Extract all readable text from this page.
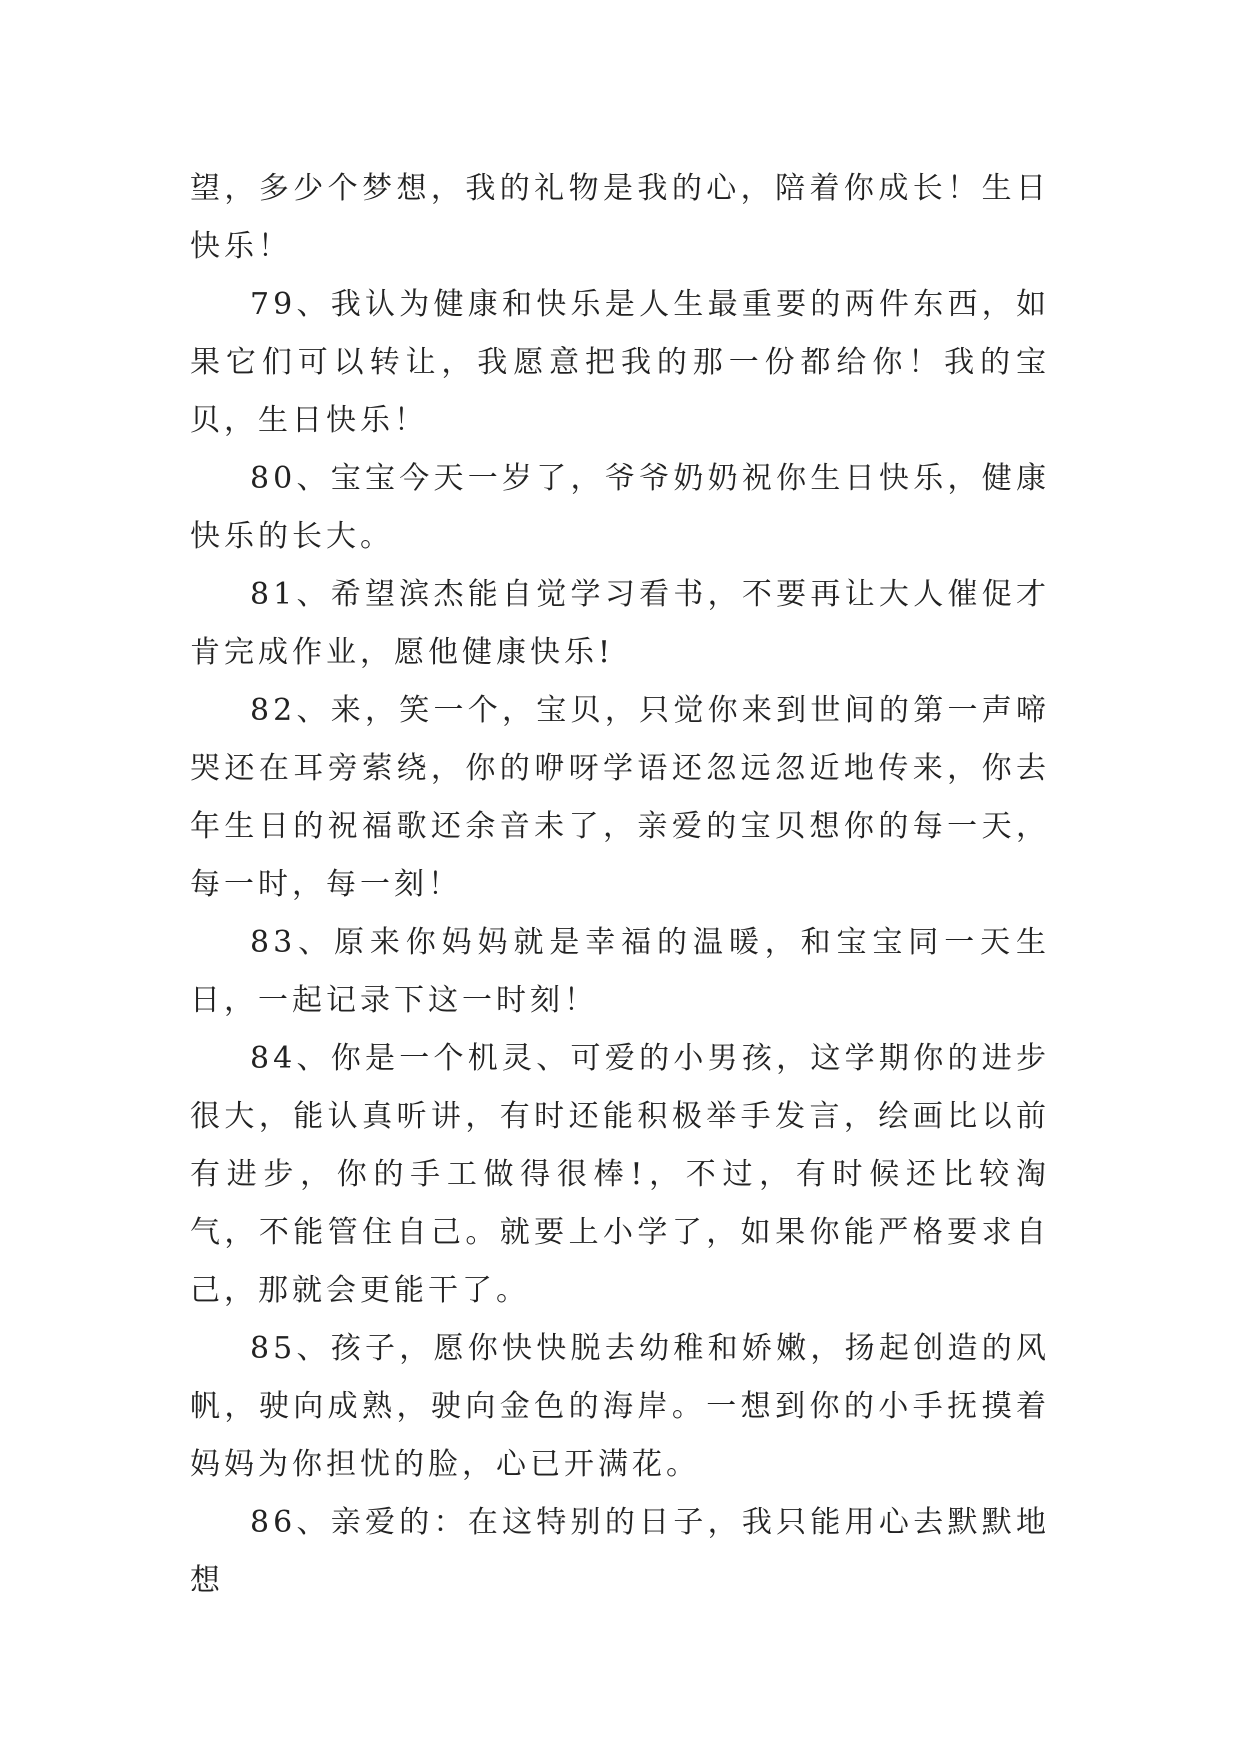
望，多少个梦想，我的礼物是我的心，陪着你成长！生日快乐！

79、我认为健康和快乐是人生最重要的两件东西，如果它们可以转让，我愿意把我的那一份都给你！我的宝贝，生日快乐！

80、宝宝今天一岁了，爷爷奶奶祝你生日快乐，健康快乐的长大。

81、希望滨杰能自觉学习看书，不要再让大人催促才肯完成作业，愿他健康快乐!

82、来，笑一个，宝贝，只觉你来到世间的第一声啼哭还在耳旁萦绕，你的咿呀学语还忽远忽近地传来，你去年生日的祝福歌还余音未了，亲爱的宝贝想你的每一天，每一时，每一刻！

83、原来你妈妈就是幸福的温暖，和宝宝同一天生日，一起记录下这一时刻！

84、你是一个机灵、可爱的小男孩，这学期你的进步很大，能认真听讲，有时还能积极举手发言，绘画比以前有进步，你的手工做得很棒!，不过，有时候还比较淘气，不能管住自己。就要上小学了，如果你能严格要求自己，那就会更能干了。

85、孩子，愿你快快脱去幼稚和娇嫩，扬起创造的风帆，驶向成熟，驶向金色的海岸。一想到你的小手抚摸着妈妈为你担忧的脸，心已开满花。

86、亲爱的：在这特别的日子，我只能用心去默默地想
